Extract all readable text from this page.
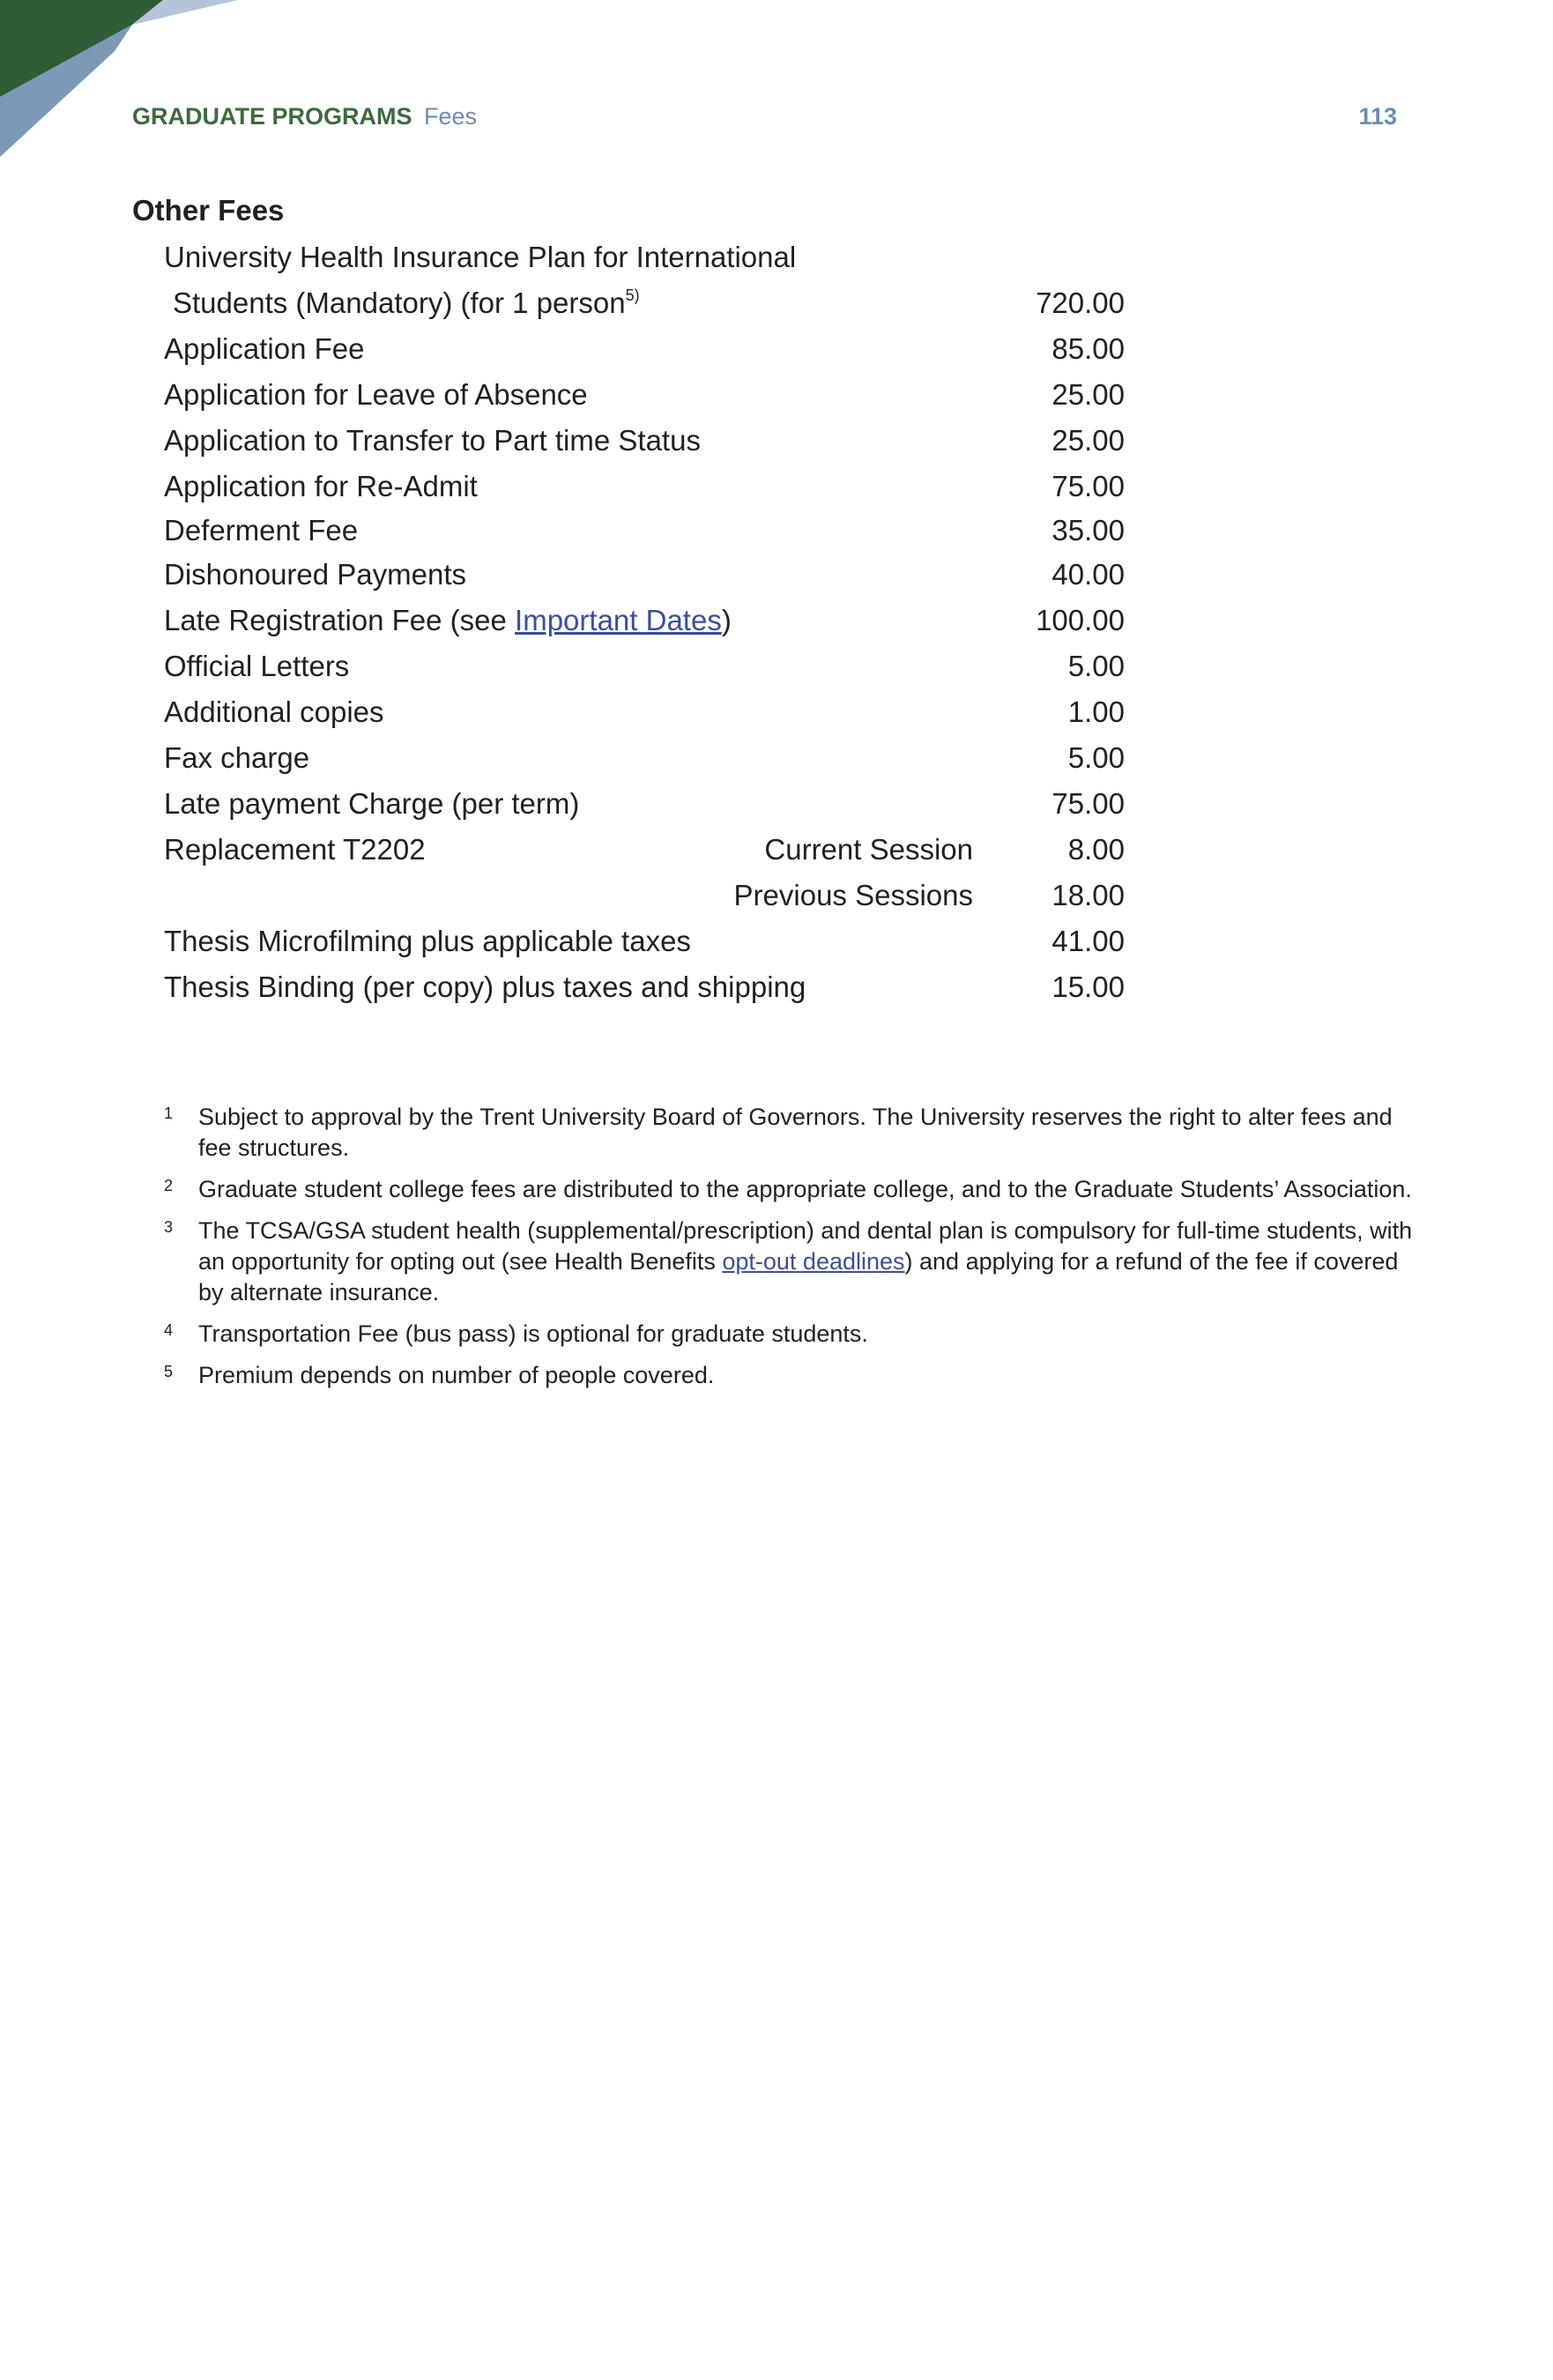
GRADUATE PROGRAMS Fees	113
Other Fees
University Health Insurance Plan for International
Students (Mandatory) (for 1 person$^{5)}$	720.00
Application Fee	85.00
Application for Leave of Absence	25.00
Application to Transfer to Part time Status	25.00
Application for Re-Admit	75.00
Deferment Fee	35.00
Dishonoured Payments	40.00
Late Registration Fee (see Important Dates)	100.00
Official Letters	5.00
Additional copies	1.00
Fax charge	5.00
Late payment Charge (per term)	75.00
Replacement T2202	Current Session	8.00
Previous Sessions	18.00
Thesis Microfilming plus applicable taxes	41.00
Thesis Binding (per copy) plus taxes and shipping	15.00
1 Subject to approval by the Trent University Board of Governors. The University reserves the right to alter fees and fee structures.
2 Graduate student college fees are distributed to the appropriate college, and to the Graduate Students’ Association.
3 The TCSA/GSA student health (supplemental/prescription) and dental plan is compulsory for full-time students, with an opportunity for opting out (see Health Benefits opt-out deadlines) and applying for a refund of the fee if covered by alternate insurance.
4 Transportation Fee (bus pass) is optional for graduate students.
5 Premium depends on number of people covered.
